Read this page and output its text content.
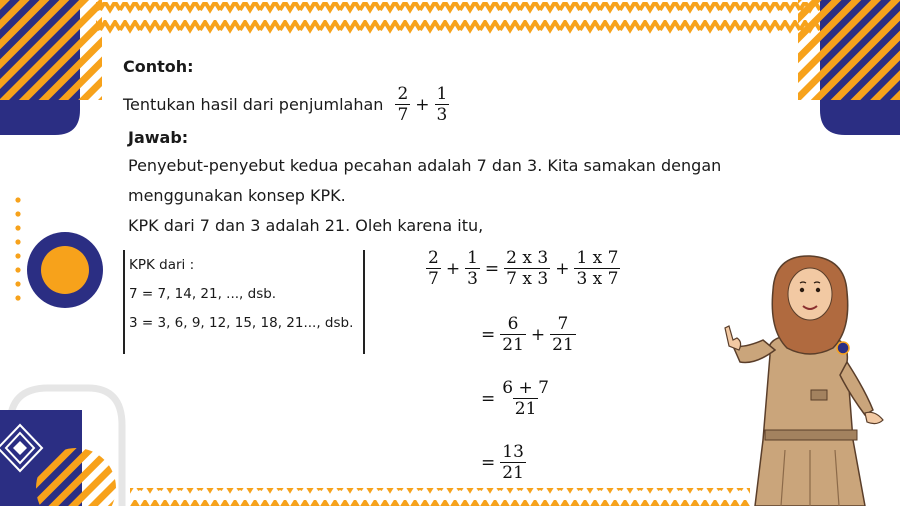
Contoh:
Tentukan hasil dari penjumlahan $\frac{2}{7} + \frac{1}{3}$
Jawab:
Penyebut-penyebut kedua pecahan adalah 7 dan 3. Kita samakan dengan
menggunakan konsep KPK.
KPK dari 7 dan 3 adalah 21. Oleh karena itu,
KPK dari :
7 = 7, 14, 21, ..., dsb.
3 = 3, 6, 9, 12, 15, 18, 21..., dsb.
$\frac{2}{7} + \frac{1}{3} = \frac{2 x 3}{7 x 3} + \frac{1 x 7}{3 x 7}$
= $\frac{6}{21} + \frac{7}{21}$
= $\frac{6 + 7}{21}$
= $\frac{13}{21}$
